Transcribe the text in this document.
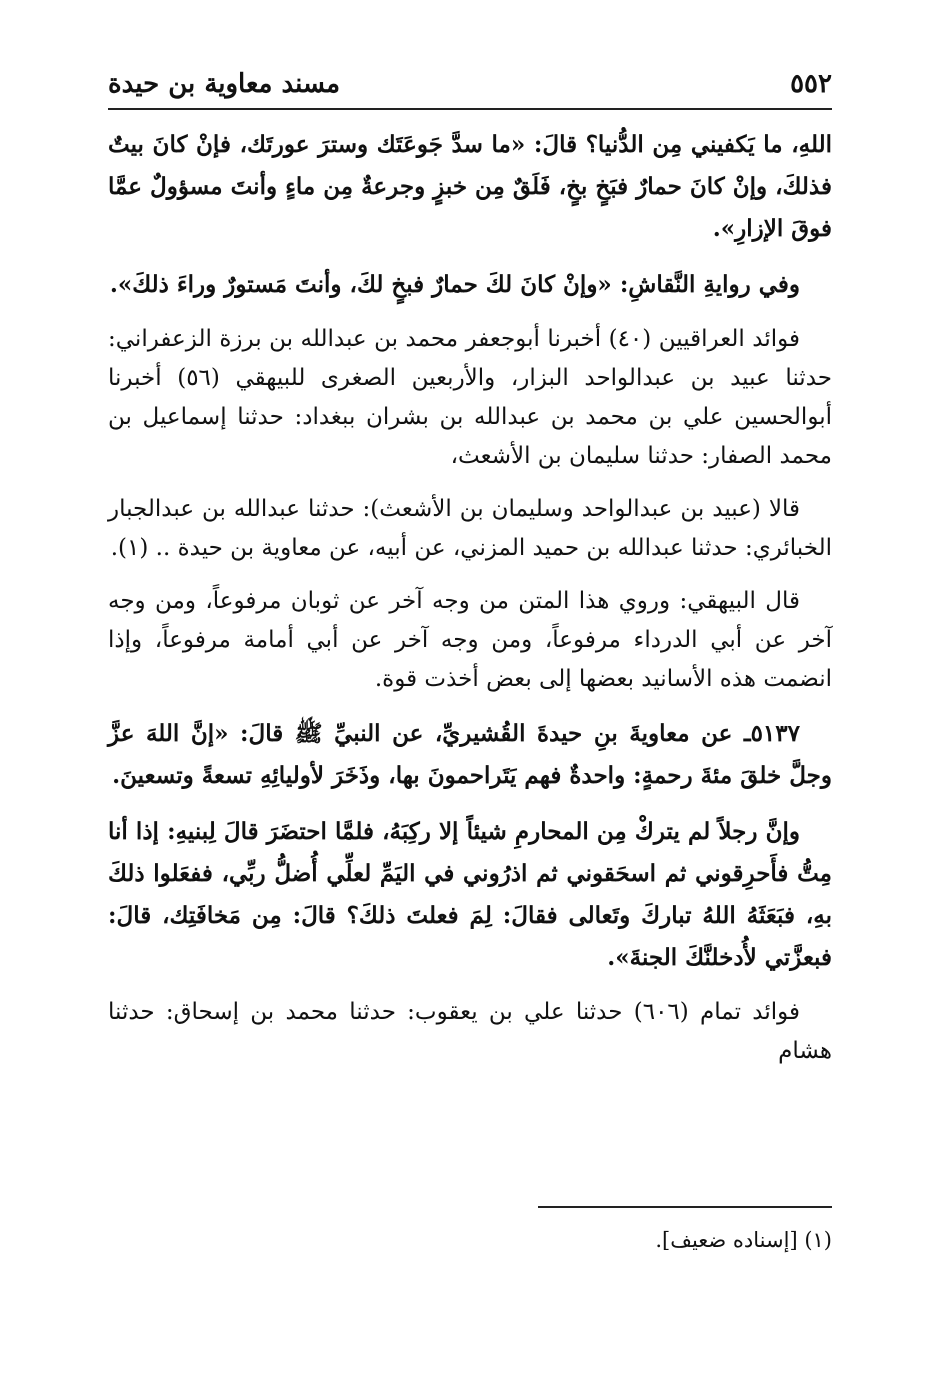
٥٥٢
مسند معاوية بن حيدة

اللهِ، ما يَكفيني مِن الدُّنيا؟ قالَ: «ما سدَّ جَوعَتَك وسترَ عورتَك، فإنْ كانَ بيتٌ فذلكَ، وإنْ كانَ حمارٌ فبَخٍ بخٍ، فَلَقٌ مِن خبزٍ وجرعةٌ مِن ماءٍ وأنتَ مسؤولٌ عمَّا فوقَ الإزارِ».

وفي روايةِ النَّقاشِ: «وإنْ كانَ لكَ حمارٌ فبخٍ لكَ، وأنتَ مَستورٌ وراءَ ذلكَ».

فوائد العراقيين (٤٠) أخبرنا أبوجعفر محمد بن عبدالله بن برزة الزعفراني: حدثنا عبيد بن عبدالواحد البزار، والأربعين الصغرى للبيهقي (٥٦) أخبرنا أبوالحسين علي بن محمد بن عبدالله بن بشران ببغداد: حدثنا إسماعيل بن محمد الصفار: حدثنا سليمان بن الأشعث،

قالا (عبيد بن عبدالواحد وسليمان بن الأشعث): حدثنا عبدالله بن عبدالجبار الخبائري: حدثنا عبدالله بن حميد المزني، عن أبيه، عن معاوية بن حيدة .. (١).

قال البيهقي: وروي هذا المتن من وجه آخر عن ثوبان مرفوعاً، ومن وجه آخر عن أبي الدرداء مرفوعاً، ومن وجه آخر عن أبي أمامة مرفوعاً، وإذا انضمت هذه الأسانيد بعضها إلى بعض أخذت قوة.

٥١٣٧ـ عن معاويةَ بنِ حيدةَ القُشيريِّ، عن النبيِّ ﷺ قالَ: «إنَّ اللهَ عزَّ وجلَّ خلقَ مئةَ رحمةٍ: واحدةٌ فهم يَتَراحمونَ بها، وذَخَرَ لأوليائِهِ تسعةً وتسعينَ.

وإنَّ رجلاً لم يتركْ مِن المحارمِ شيئاً إلا ركِبَهُ، فلمَّا احتضَرَ قالَ لِبنيهِ: إذا أنا مِتُّ فأَحرِقوني ثم اسحَقوني ثم اذرُوني في اليَمِّ لعلِّي أُضلُّ ربِّي، ففعَلوا ذلكَ بهِ، فبَعَثَهُ اللهُ تباركَ وتَعالى فقالَ: لِمَ فعلتَ ذلكَ؟ قالَ: مِن مَخافَتِك، قالَ: فبعزَّتي لأُدخلنَّكَ الجنةَ».

فوائد تمام (٦٠٦) حدثنا علي بن يعقوب: حدثنا محمد بن إسحاق: حدثنا هشام

(١) [إسناده ضعيف].
